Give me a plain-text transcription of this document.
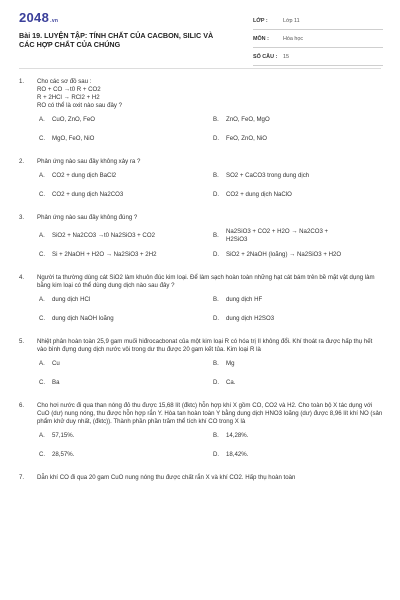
2048.vn
Bài 19. LUYỆN TẬP: TÍNH CHẤT CỦA CACBON, SILIC VÀ CÁC HỢP CHẤT CỦA CHÚNG
LỚP :	Lớp 11
MÔN :	Hóa học
SỐ CÂU : 15
1. Cho các sơ đồ sau :
RO + CO →t0 R + CO2
R + 2HCl → RCl2 + H2
RO có thể là oxit nào sau đây ?
A. CuO, ZnO, FeO	B. ZnO, FeO, MgO
C. MgO, FeO, NiO	D. FeO, ZnO, NiO
2. Phản ứng nào sau đây không xảy ra ?
A. CO2 + dung dịch BaCl2	B. SO2 + CaCO3 trong dung dịch
C. CO2 + dung dịch Na2CO3	D. CO2 + dung dịch NaClO
3. Phản ứng nào sau đây không đúng ?
A. SiO2 + Na2CO3 →t0 Na2SiO3 + CO2	B.
Na2SiO3 + CO2 + H2O → Na2CO3 +
H2SiO3
C. Si + 2NaOH + H2O → Na2SiO3 + 2H2	D. SiO2 + 2NaOH (loãng) → Na2SiO3 + H2O
4. Người ta thường dùng cát SiO2 làm khuôn đúc kim loại. Để làm sạch hoàn toàn những hạt cát bám trên bề mặt vật dụng làm bằng kim loại có thể dùng dung dịch nào sau đây ?
A. dung dịch HCl	B. dung dịch HF
C. dung dịch NaOH loãng	D. dung dịch H2SO3
5. Nhiệt phân hoàn toàn 25,9 gam muối hiđrocacbonat của một kim loại R có hóa trị II không đổi. Khí thoát ra được hấp thụ hết vào bình đựng dung dịch nước vôi trong dư thu được 20 gam kết tủa. Kim loại R là
A. Cu	B. Mg
C. Ba	D. Ca.
6. Cho hơi nước đi qua than nóng đỏ thu được 15,68 lít (đktc) hỗn hợp khí X gồm CO, CO2 và H2. Cho toàn bộ X tác dụng với CuO (dư) nung nóng, thu được hỗn hợp rắn Y. Hòa tan hoàn toàn Y bằng dung dịch HNO3 loãng (dư) được 8,96 lít khí NO (sản phẩm khử duy nhất, (đktc)). Thành phần phần trăm thể tích khí CO trong X là
A. 57,15%.	B. 14,28%.
C. 28,57%.	D. 18,42%.
7. Dẫn khí CO đi qua 20 gam CuO nung nóng thu được chất rắn X và khí CO2. Hấp thụ hoàn toàn
